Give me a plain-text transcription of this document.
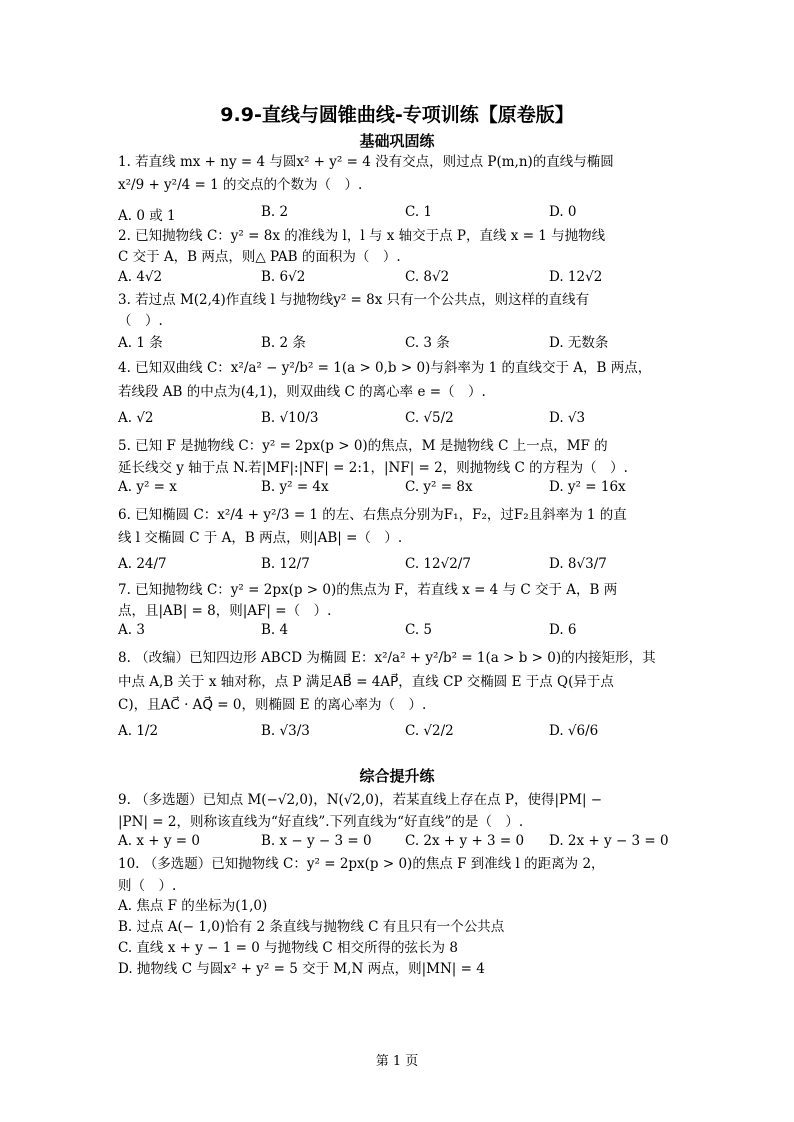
9.9-直线与圆锥曲线-专项训练【原卷版】
基础巩固练
1. 若直线 mx + ny = 4 与圆x² + y² = 4 没有交点，则过点 P(m,n)的直线与椭圆
x²/9 + y²/4 = 1 的交点的个数为（　）.
A. 0 或 1	B. 2	C. 1	D. 0
2. 已知抛物线 C：y² = 8x 的准线为 l，l 与 x 轴交于点 P，直线 x = 1 与抛物线
C 交于 A，B 两点，则△ PAB 的面积为（　）.
A. 4√2	B. 6√2	C. 8√2	D. 12√2
3. 若过点 M(2,4)作直线 l 与抛物线y² = 8x 只有一个公共点，则这样的直线有
（　）.
A. 1 条	B. 2 条	C. 3 条	D. 无数条
4. 已知双曲线 C：x²/a² − y²/b² = 1(a > 0,b > 0)与斜率为 1 的直线交于 A，B 两点，
若线段 AB 的中点为(4,1)，则双曲线 C 的离心率 e =（　）.
A. √2	B. √10/3	C. √5/2	D. √3
5. 已知 F 是抛物线 C：y² = 2px(p > 0)的焦点，M 是抛物线 C 上一点，MF 的
延长线交 y 轴于点 N.若|MF|:|NF| = 2:1，|NF| = 2，则抛物线 C 的方程为（　）.
A. y² = x	B. y² = 4x	C. y² = 8x	D. y² = 16x
6. 已知椭圆 C：x²/4 + y²/3 = 1 的左、右焦点分别为F₁，F₂，过F₂且斜率为 1 的直
线 l 交椭圆 C 于 A，B 两点，则|AB| =（　）.
A. 24/7	B. 12/7	C. 12√2/7	D. 8√3/7
7. 已知抛物线 C：y² = 2px(p > 0)的焦点为 F，若直线 x = 4 与 C 交于 A，B 两
点，且|AB| = 8，则|AF| =（　）.
A. 3	B. 4	C. 5	D. 6
8. （改编）已知四边形 ABCD 为椭圆 E：x²/a² + y²/b² = 1(a > b > 0)的内接矩形，其
中点 A,B 关于 x 轴对称，点 P 满足AB⃗ = 4AP⃗，直线 CP 交椭圆 E 于点 Q(异于点
C)，且AC⃗ · AQ⃗ = 0，则椭圆 E 的离心率为（　）.
A. 1/2	B. √3/3	C. √2/2	D. √6/6
综合提升练
9. （多选题）已知点 M(−√2,0)，N(√2,0)，若某直线上存在点 P，使得|PM| −
|PN| = 2，则称该直线为“好直线”.下列直线为“好直线”的是（　）.
A. x + y = 0	B. x − y − 3 = 0 C. 2x + y + 3 = 0 D. 2x + y − 3 = 0
10. （多选题）已知抛物线 C：y² = 2px(p > 0)的焦点 F 到准线 l 的距离为 2，
则（　）.
A. 焦点 F 的坐标为(1,0)
B. 过点 A(− 1,0)恰有 2 条直线与抛物线 C 有且只有一个公共点
C. 直线 x + y − 1 = 0 与抛物线 C 相交所得的弦长为 8
D. 抛物线 C 与圆x² + y² = 5 交于 M,N 两点，则|MN| = 4
第 1 页
